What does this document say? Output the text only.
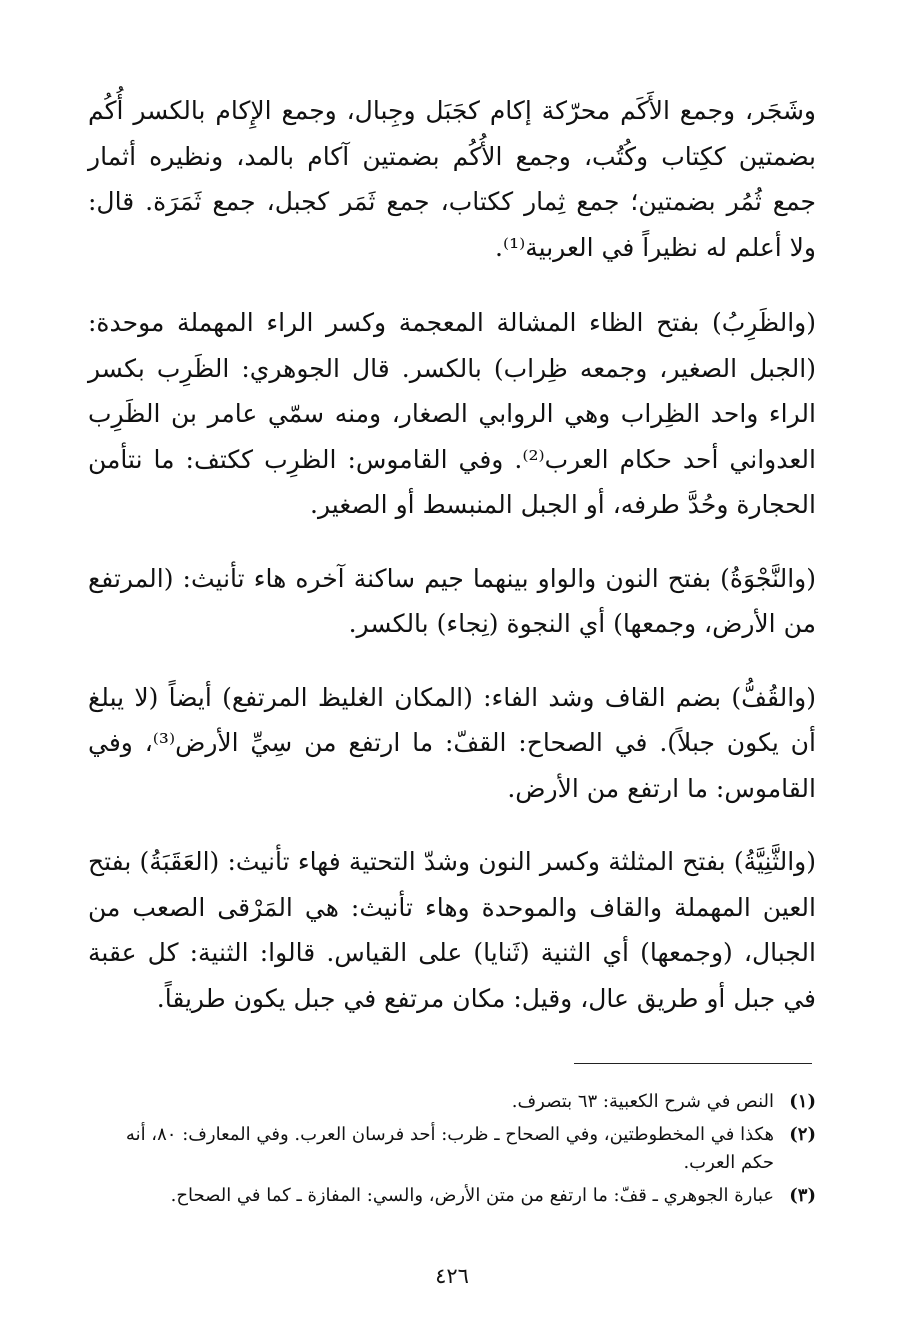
وشَجَر، وجمع الأَكَم محرّكة إكام كجَبَل وجِبال، وجمع الإِكام بالكسر أُكُم بضمتين ككِتاب وكُتُب، وجمع الأُكُم بضمتين آكام بالمد، ونظيره أثمار جمع ثُمُر بضمتين؛ جمع ثِمار ككتاب، جمع ثَمَر كجبل، جمع ثَمَرَة. قال: ولا أعلم له نظيراً في العربية⁽¹⁾.

(والظَرِبُ) بفتح الظاء المشالة المعجمة وكسر الراء المهملة موحدة: (الجبل الصغير، وجمعه ظِراب) بالكسر. قال الجوهري: الظَرِب بكسر الراء واحد الظِراب وهي الروابي الصغار، ومنه سمّي عامر بن الظَرِب العدواني أحد حكام العرب⁽²⁾. وفي القاموس: الظرِب ككتف: ما نتأمن الحجارة وحُدَّ طرفه، أو الجبل المنبسط أو الصغير.

(والنَّجْوَةُ) بفتح النون والواو بينهما جيم ساكنة آخره هاء تأنيث: (المرتفع من الأرض، وجمعها) أي النجوة (نِجاء) بالكسر.

(والقُفُّ) بضم القاف وشد الفاء: (المكان الغليظ المرتفع) أيضاً (لا يبلغ أن يكون جبلاً). في الصحاح: القفّ: ما ارتفع من سِيِّ الأرض⁽³⁾، وفي القاموس: ما ارتفع من الأرض.

(والثَّنِيَّةُ) بفتح المثلثة وكسر النون وشدّ التحتية فهاء تأنيث: (العَقَبَةُ) بفتح العين المهملة والقاف والموحدة وهاء تأنيث: هي المَرْقى الصعب من الجبال، (وجمعها) أي الثنية (ثَنايا) على القياس. قالوا: الثنية: كل عقبة في جبل أو طريق عال، وقيل: مكان مرتفع في جبل يكون طريقاً.

(١)
النص في شرح الكعبية: ٦٣ بتصرف.
(٢)
هكذا في المخطوطتين، وفي الصحاح ـ ظرب: أحد فرسان العرب. وفي المعارف: ٨٠، أنه حكم العرب.
(٣)
عبارة الجوهري ـ قفّ: ما ارتفع من متن الأرض، والسي: المفازة ـ كما في الصحاح.
٤٢٦
